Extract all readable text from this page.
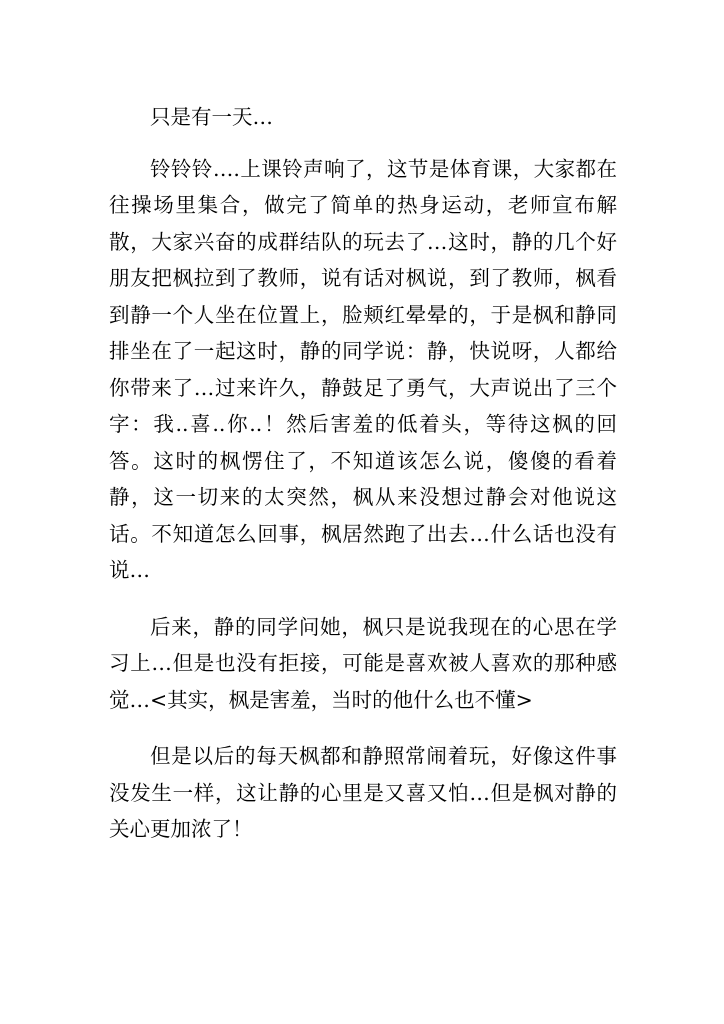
只是有一天…

铃铃铃….上课铃声响了，这节是体育课，大家都在往操场里集合，做完了简单的热身运动，老师宣布解散，大家兴奋的成群结队的玩去了…这时，静的几个好朋友把枫拉到了教师，说有话对枫说，到了教师，枫看到静一个人坐在位置上，脸颊红晕晕的，于是枫和静同排坐在了一起这时，静的同学说：静，快说呀，人都给你带来了…过来许久，静鼓足了勇气，大声说出了三个字：我..喜..你..！然后害羞的低着头，等待这枫的回答。这时的枫愣住了，不知道该怎么说，傻傻的看着静，这一切来的太突然，枫从来没想过静会对他说这话。不知道怎么回事，枫居然跑了出去…什么话也没有说…

后来，静的同学问她，枫只是说我现在的心思在学习上…但是也没有拒接，可能是喜欢被人喜欢的那种感觉…<其实，枫是害羞，当时的他什么也不懂>

但是以后的每天枫都和静照常闹着玩，好像这件事没发生一样，这让静的心里是又喜又怕…但是枫对静的关心更加浓了！
